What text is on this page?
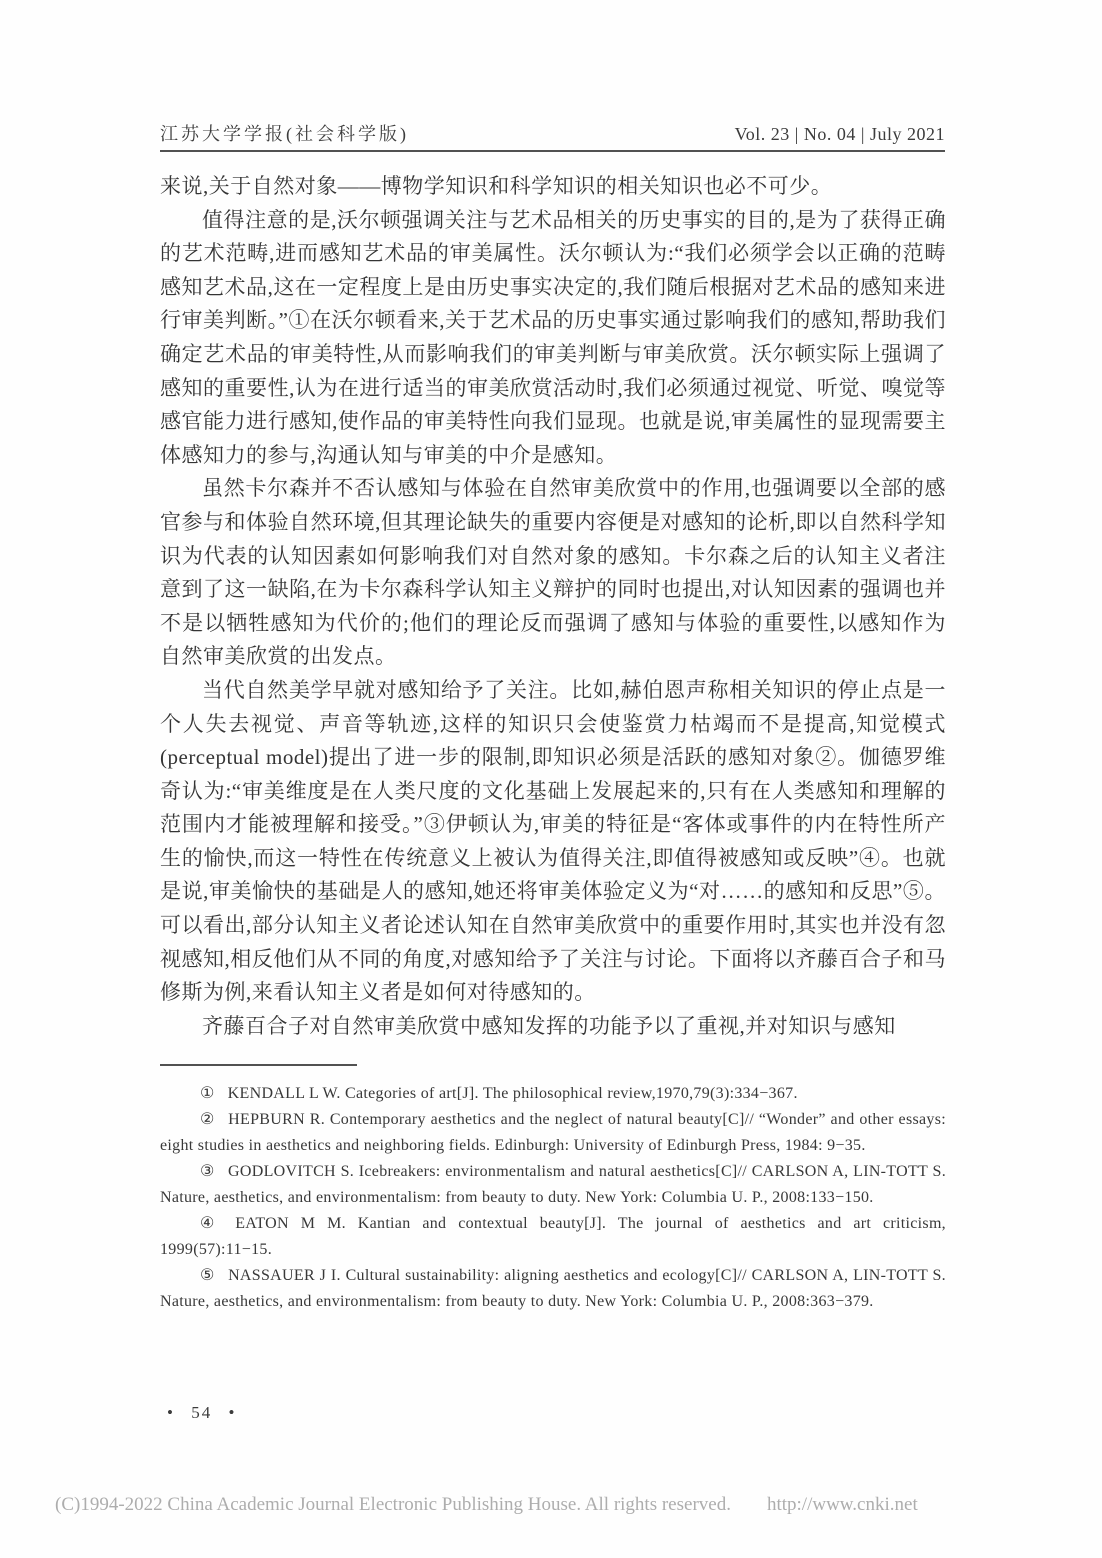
江苏大学学报(社会科学版)	Vol. 23 | No. 04 | July 2021

来说,关于自然对象——博物学知识和科学知识的相关知识也必不可少。

值得注意的是,沃尔顿强调关注与艺术品相关的历史事实的目的,是为了获得正确的艺术范畴,进而感知艺术品的审美属性。沃尔顿认为:“我们必须学会以正确的范畴感知艺术品,这在一定程度上是由历史事实决定的,我们随后根据对艺术品的感知来进行审美判断。”①在沃尔顿看来,关于艺术品的历史事实通过影响我们的感知,帮助我们确定艺术品的审美特性,从而影响我们的审美判断与审美欣赏。沃尔顿实际上强调了感知的重要性,认为在进行适当的审美欣赏活动时,我们必须通过视觉、听觉、嗅觉等感官能力进行感知,使作品的审美特性向我们显现。也就是说,审美属性的显现需要主体感知力的参与,沟通认知与审美的中介是感知。

虽然卡尔森并不否认感知与体验在自然审美欣赏中的作用,也强调要以全部的感官参与和体验自然环境,但其理论缺失的重要内容便是对感知的论析,即以自然科学知识为代表的认知因素如何影响我们对自然对象的感知。卡尔森之后的认知主义者注意到了这一缺陷,在为卡尔森科学认知主义辩护的同时也提出,对认知因素的强调也并不是以牺牲感知为代价的;他们的理论反而强调了感知与体验的重要性,以感知作为自然审美欣赏的出发点。

当代自然美学早就对感知给予了关注。比如,赫伯恩声称相关知识的停止点是一个人失去视觉、声音等轨迹,这样的知识只会使鉴赏力枯竭而不是提高,知觉模式(perceptual model)提出了进一步的限制,即知识必须是活跃的感知对象②。伽德罗维奇认为:“审美维度是在人类尺度的文化基础上发展起来的,只有在人类感知和理解的范围内才能被理解和接受。”③伊顿认为,审美的特征是“客体或事件的内在特性所产生的愉快,而这一特性在传统意义上被认为值得关注,即值得被感知或反映”④。也就是说,审美愉快的基础是人的感知,她还将审美体验定义为“对……的感知和反思”⑤。可以看出,部分认知主义者论述认知在自然审美欣赏中的重要作用时,其实也并没有忽视感知,相反他们从不同的角度,对感知给予了关注与讨论。下面将以齐藤百合子和马修斯为例,来看认知主义者是如何对待感知的。

齐藤百合子对自然审美欣赏中感知发挥的功能予以了重视,并对知识与感知

① KENDALL L W. Categories of art[J]. The philosophical review,1970,79(3):334−367.

② HEPBURN R. Contemporary aesthetics and the neglect of natural beauty[C]// “Wonder” and other essays: eight studies in aesthetics and neighboring fields. Edinburgh: University of Edinburgh Press, 1984: 9−35.

③ GODLOVITCH S. Icebreakers: environmentalism and natural aesthetics[C]// CARLSON A, LIN-TOTT S. Nature, aesthetics, and environmentalism: from beauty to duty. New York: Columbia U. P., 2008:133−150.

④ EATON M M. Kantian and contextual beauty[J]. The journal of aesthetics and art criticism, 1999(57):11−15.

⑤ NASSAUER J I. Cultural sustainability: aligning aesthetics and ecology[C]// CARLSON A, LIN-TOTT S. Nature, aesthetics, and environmentalism: from beauty to duty. New York: Columbia U. P., 2008:363−379.

• 54 •
(C)1994-2022 China Academic Journal Electronic Publishing House. All rights reserved. http://www.cnki.net
